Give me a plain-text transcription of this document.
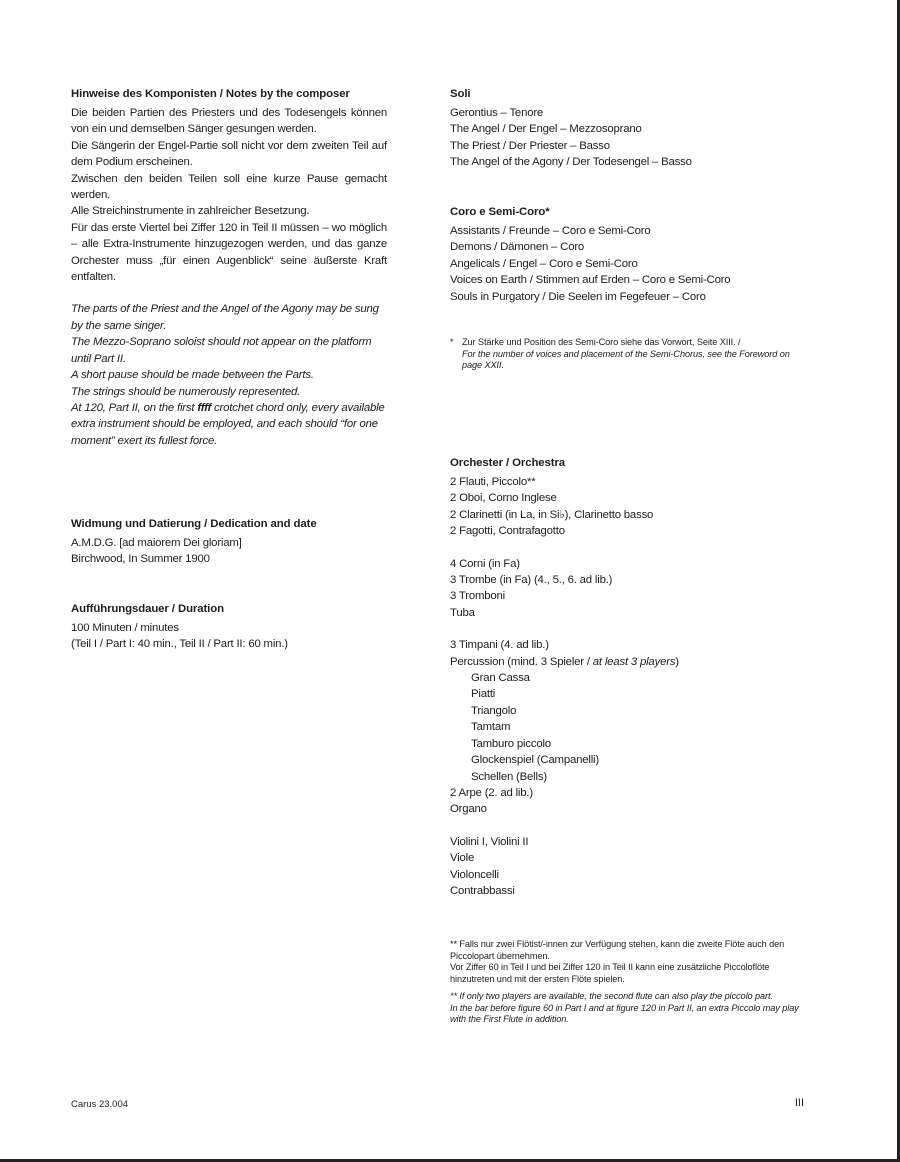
Hinweise des Komponisten / Notes by the composer

Die beiden Partien des Priesters und des Todesengels können von ein und demselben Sänger gesungen werden.

Die Sängerin der Engel-Partie soll nicht vor dem zweiten Teil auf dem Podium erscheinen.

Zwischen den beiden Teilen soll eine kurze Pause gemacht werden.

Alle Streichinstrumente in zahlreicher Besetzung.

Für das erste Viertel bei Ziffer 120 in Teil II müssen – wo möglich – alle Extra-Instrumente hinzugezogen werden, und das ganze Orchester muss „für einen Augenblick“ seine äußerste Kraft entfalten.

The parts of the Priest and the Angel of the Agony may be sung by the same singer.

The Mezzo-Soprano soloist should not appear on the platform until Part II.

A short pause should be made between the Parts.

The strings should be numerously represented.

At 120, Part II, on the first ffff crotchet chord only, every available extra instrument should be employed, and each should “for one moment” exert its fullest force.

Widmung und Datierung / Dedication and date

A.M.D.G. [ad maiorem Dei gloriam]

Birchwood, In Summer 1900

Aufführungsdauer / Duration

100 Minuten / minutes

(Teil I / Part I: 40 min., Teil II / Part II: 60 min.)

Soli

Gerontius – Tenore

The Angel / Der Engel – Mezzosoprano

The Priest / Der Priester – Basso

The Angel of the Agony / Der Todesengel – Basso

Coro e Semi-Coro*

Assistants / Freunde – Coro e Semi-Coro

Demons / Dämonen – Coro

Angelicals / Engel – Coro e Semi-Coro

Voices on Earth / Stimmen auf Erden – Coro e Semi-Coro

Souls in Purgatory / Die Seelen im Fegefeuer – Coro

* Zur Stärke und Position des Semi-Coro siehe das Vorwort, Seite XIII. /

For the number of voices and placement of the Semi-Chorus, see the Foreword on page XXII.

Orchester / Orchestra

2 Flauti, Piccolo**

2 Oboi, Corno Inglese

2 Clarinetti (in La, in Si♭), Clarinetto basso

2 Fagotti, Contrafagotto

4 Corni (in Fa)

3 Trombe (in Fa) (4., 5., 6. ad lib.)

3 Tromboni

Tuba

3 Timpani (4. ad lib.)

Percussion (mind. 3 Spieler / at least 3 players)

Gran Cassa

Piatti

Triangolo

Tamtam

Tamburo piccolo

Glockenspiel (Campanelli)

Schellen (Bells)

2 Arpe (2. ad lib.)

Organo

Violini I, Violini II

Viole

Violoncelli

Contrabbassi

** Falls nur zwei Flötist/-innen zur Verfügung stehen, kann die zweite Flöte auch den Piccolopart übernehmen.

Vor Ziffer 60 in Teil I und bei Ziffer 120 in Teil II kann eine zusätzliche Piccoloflöte hinzutreten und mit der ersten Flöte spielen.

** If only two players are available, the second flute can also play the piccolo part.

In the bar before figure 60 in Part I and at figure 120 in Part II, an extra Piccolo may play with the First Flute in addition.

Carus 23.004	III
